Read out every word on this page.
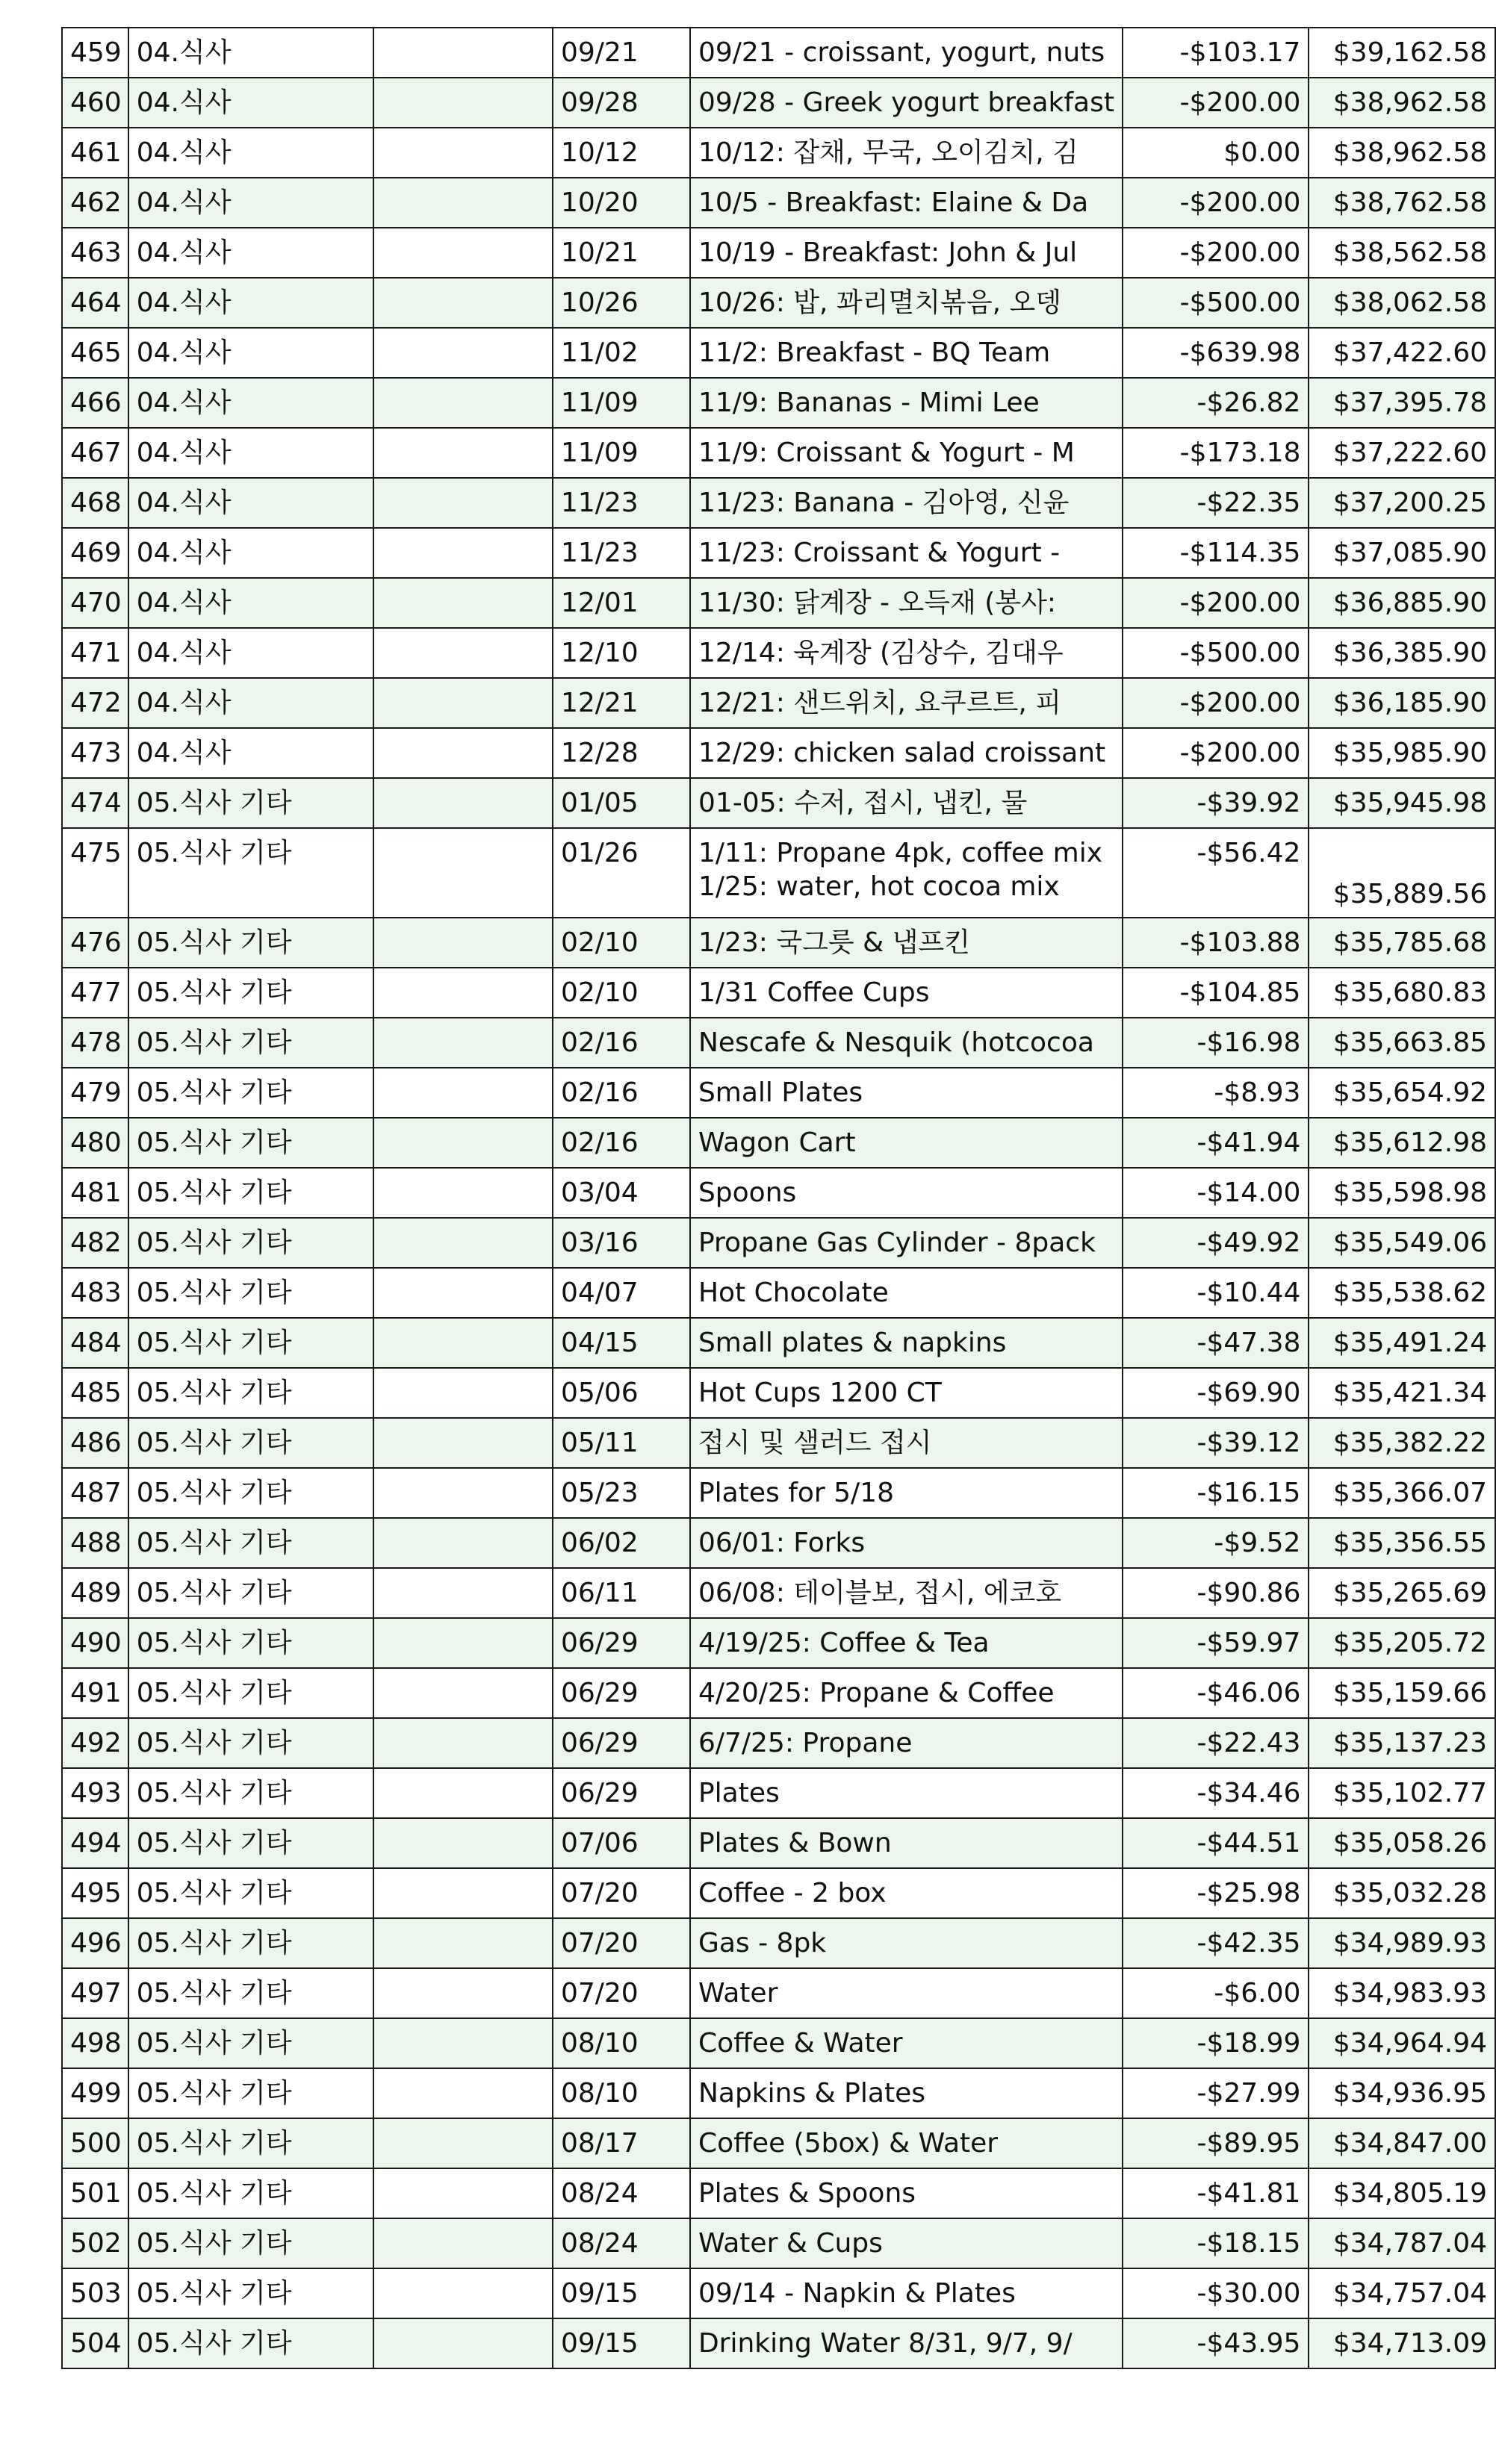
459	04.식사		09/21	09/21 - croissant, yogurt, nuts	-$103.17	$39,162.58
460	04.식사		09/28	09/28 - Greek yogurt breakfast	-$200.00	$38,962.58
461	04.식사		10/12	10/12: 잡채, 무국, 오이김치, 김	$0.00	$38,962.58
462	04.식사		10/20	10/5 - Breakfast: Elaine & Da	-$200.00	$38,762.58
463	04.식사		10/21	10/19 - Breakfast: John & Jul	-$200.00	$38,562.58
464	04.식사		10/26	10/26: 밥, 꽈리멸치볶음, 오뎅	-$500.00	$38,062.58
465	04.식사		11/02	11/2: Breakfast - BQ Team	-$639.98	$37,422.60
466	04.식사		11/09	11/9: Bananas - Mimi Lee	-$26.82	$37,395.78
467	04.식사		11/09	11/9: Croissant & Yogurt - M	-$173.18	$37,222.60
468	04.식사		11/23	11/23: Banana - 김아영, 신윤	-$22.35	$37,200.25
469	04.식사		11/23	11/23: Croissant & Yogurt -	-$114.35	$37,085.90
470	04.식사		12/01	11/30: 닭계장 - 오득재 (봉사:	-$200.00	$36,885.90
471	04.식사		12/10	12/14: 육계장 (김상수, 김대우	-$500.00	$36,385.90
472	04.식사		12/21	12/21: 샌드위치, 요쿠르트, 피	-$200.00	$36,185.90
473	04.식사		12/28	12/29: chicken salad croissant	-$200.00	$35,985.90
474	05.식사 기타		01/05	01-05: 수저, 접시, 냅킨, 물	-$39.92	$35,945.98
475	05.식사 기타		01/26	1/11: Propane 4pk, coffee mix
1/25: water, hot cocoa mix	-$56.42	$35,889.56
476	05.식사 기타		02/10	1/23: 국그릇 & 냅프킨	-$103.88	$35,785.68
477	05.식사 기타		02/10	1/31 Coffee Cups	-$104.85	$35,680.83
478	05.식사 기타		02/16	Nescafe & Nesquik (hotcocoa	-$16.98	$35,663.85
479	05.식사 기타		02/16	Small Plates	-$8.93	$35,654.92
480	05.식사 기타		02/16	Wagon Cart	-$41.94	$35,612.98
481	05.식사 기타		03/04	Spoons	-$14.00	$35,598.98
482	05.식사 기타		03/16	Propane Gas Cylinder - 8pack	-$49.92	$35,549.06
483	05.식사 기타		04/07	Hot Chocolate	-$10.44	$35,538.62
484	05.식사 기타		04/15	Small plates & napkins	-$47.38	$35,491.24
485	05.식사 기타		05/06	Hot Cups 1200 CT	-$69.90	$35,421.34
486	05.식사 기타		05/11	접시 및 샐러드 접시	-$39.12	$35,382.22
487	05.식사 기타		05/23	Plates for 5/18	-$16.15	$35,366.07
488	05.식사 기타		06/02	06/01: Forks	-$9.52	$35,356.55
489	05.식사 기타		06/11	06/08: 테이블보, 접시, 에코호	-$90.86	$35,265.69
490	05.식사 기타		06/29	4/19/25: Coffee & Tea	-$59.97	$35,205.72
491	05.식사 기타		06/29	4/20/25: Propane & Coffee	-$46.06	$35,159.66
492	05.식사 기타		06/29	6/7/25: Propane	-$22.43	$35,137.23
493	05.식사 기타		06/29	Plates	-$34.46	$35,102.77
494	05.식사 기타		07/06	Plates & Bown	-$44.51	$35,058.26
495	05.식사 기타		07/20	Coffee - 2 box	-$25.98	$35,032.28
496	05.식사 기타		07/20	Gas - 8pk	-$42.35	$34,989.93
497	05.식사 기타		07/20	Water	-$6.00	$34,983.93
498	05.식사 기타		08/10	Coffee & Water	-$18.99	$34,964.94
499	05.식사 기타		08/10	Napkins & Plates	-$27.99	$34,936.95
500	05.식사 기타		08/17	Coffee (5box) & Water	-$89.95	$34,847.00
501	05.식사 기타		08/24	Plates & Spoons	-$41.81	$34,805.19
502	05.식사 기타		08/24	Water & Cups	-$18.15	$34,787.04
503	05.식사 기타		09/15	09/14 - Napkin & Plates	-$30.00	$34,757.04
504	05.식사 기타		09/15	Drinking Water 8/31, 9/7, 9/	-$43.95	$34,713.09
